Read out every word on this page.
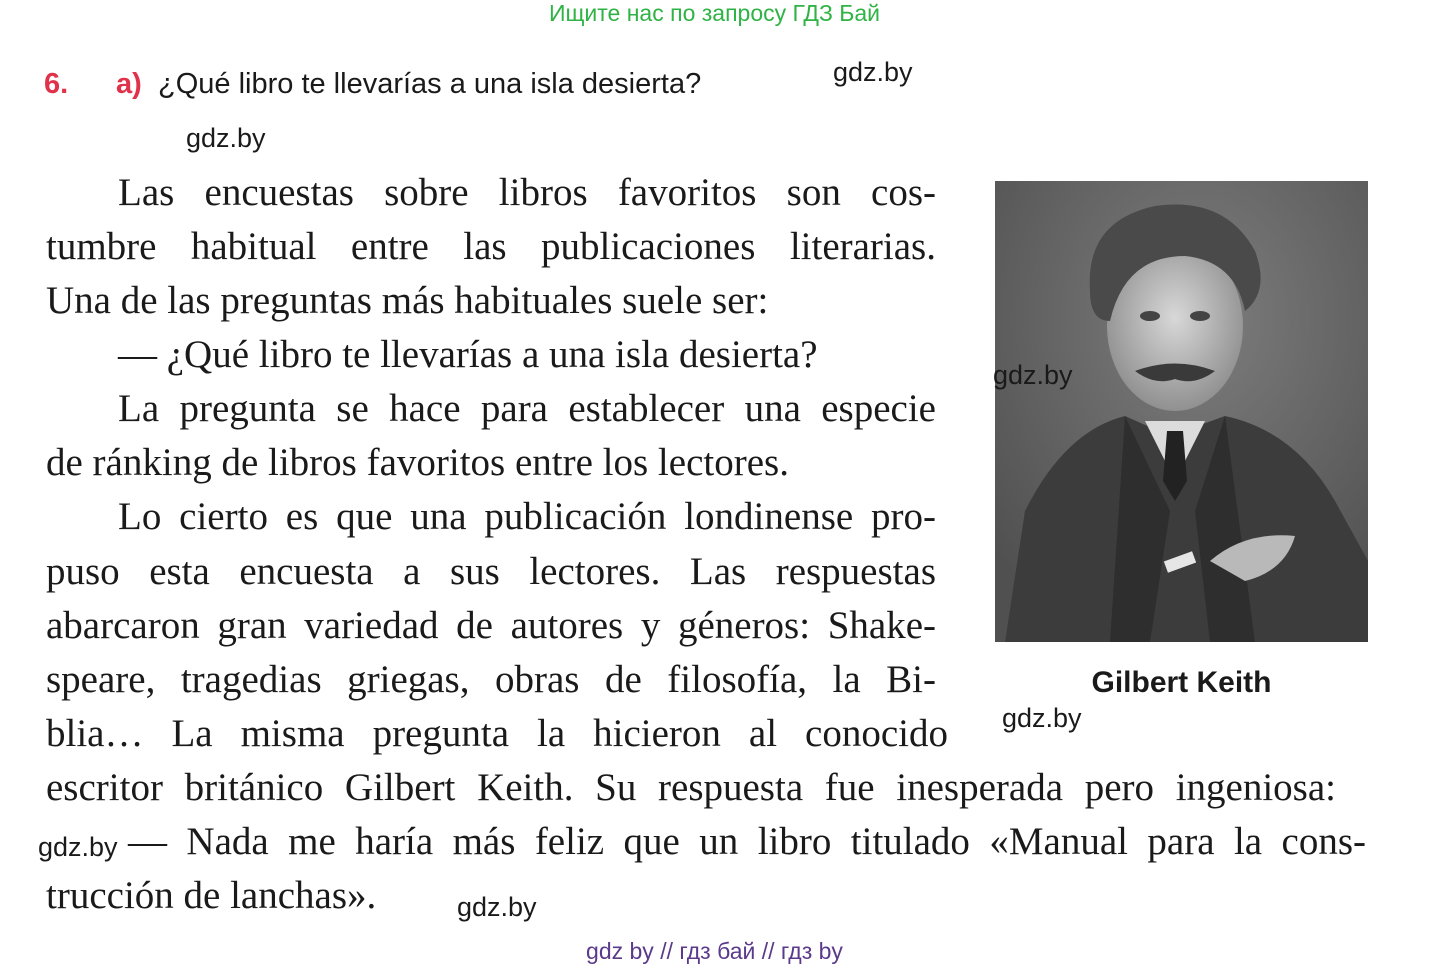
Ищите нас по запросу ГДЗ Бай
6. a) ¿Qué libro te llevarías a una isla desierta?	gdz.by
gdz.by
Las encuestas sobre libros favoritos son cos-
tumbre habitual entre las publicaciones literarias.
Una de las preguntas más habituales suele ser:
— ¿Qué libro te llevarías a una isla desierta?
La pregunta se hace para establecer una especie
de ránking de libros favoritos entre los lectores.
Lo cierto es que una publicación londinense pro-
puso esta encuesta a sus lectores. Las respuestas
abarcaron gran variedad de autores y géneros: Shake-
speare, tragedias griegas, obras de filosofía, la Bi-
blia… La misma pregunta la hicieron al conocido
escritor británico Gilbert Keith. Su respuesta fue inesperada pero ingeniosa:
— Nada me haría más feliz que un libro titulado «Manual para la cons-
trucción de lanchas».
gdz.by
gdz.by
gdz.by
Gilbert Keith
gdz.by
gdz by // гдз бай // гдз by
